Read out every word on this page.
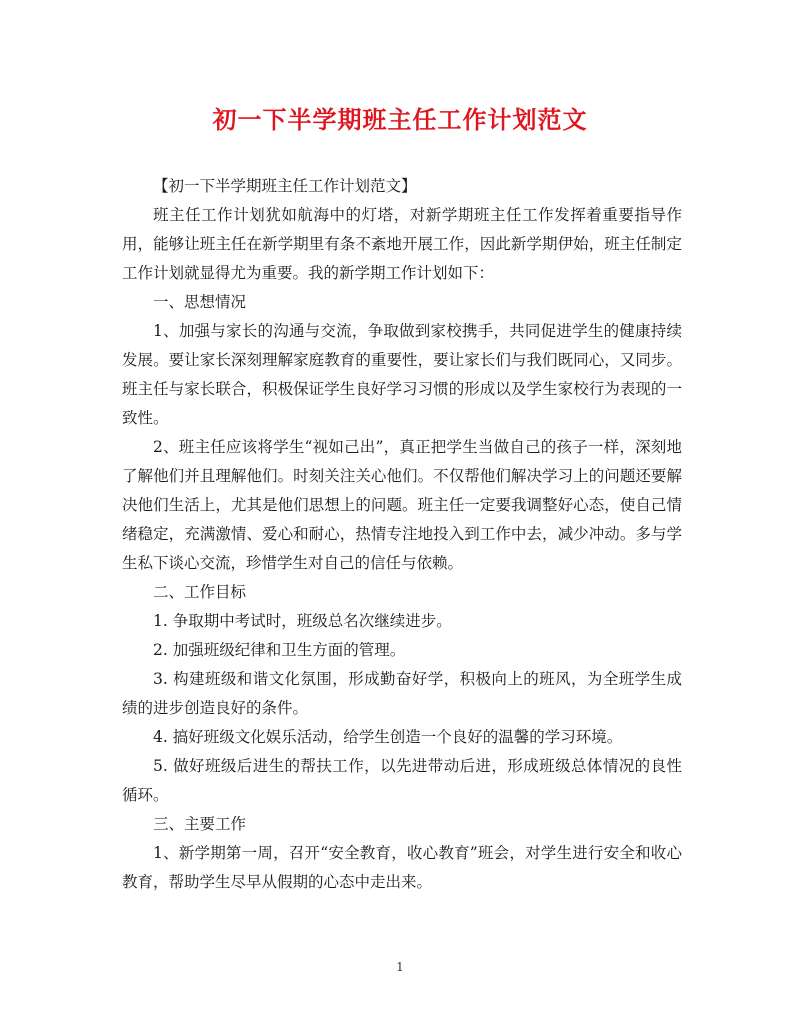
初一下半学期班主任工作计划范文

【初一下半学期班主任工作计划范文】

班主任工作计划犹如航海中的灯塔，对新学期班主任工作发挥着重要指导作用，能够让班主任在新学期里有条不紊地开展工作，因此新学期伊始，班主任制定工作计划就显得尤为重要。我的新学期工作计划如下：

一、思想情况

1、加强与家长的沟通与交流，争取做到家校携手，共同促进学生的健康持续发展。要让家长深刻理解家庭教育的重要性，要让家长们与我们既同心，又同步。班主任与家长联合，积极保证学生良好学习习惯的形成以及学生家校行为表现的一致性。

2、班主任应该将学生“视如己出”，真正把学生当做自己的孩子一样，深刻地了解他们并且理解他们。时刻关注关心他们。不仅帮他们解决学习上的问题还要解决他们生活上，尤其是他们思想上的问题。班主任一定要我调整好心态，使自己情绪稳定，充满激情、爱心和耐心，热情专注地投入到工作中去，减少冲动。多与学生私下谈心交流，珍惜学生对自己的信任与依赖。

二、工作目标

1. 争取期中考试时，班级总名次继续进步。

2. 加强班级纪律和卫生方面的管理。

3. 构建班级和谐文化氛围，形成勤奋好学，积极向上的班风，为全班学生成绩的进步创造良好的条件。

4. 搞好班级文化娱乐活动，给学生创造一个良好的温馨的学习环境。

5. 做好班级后进生的帮扶工作，以先进带动后进，形成班级总体情况的良性循环。

三、主要工作

1、新学期第一周，召开“安全教育，收心教育”班会，对学生进行安全和收心教育，帮助学生尽早从假期的心态中走出来。

1
